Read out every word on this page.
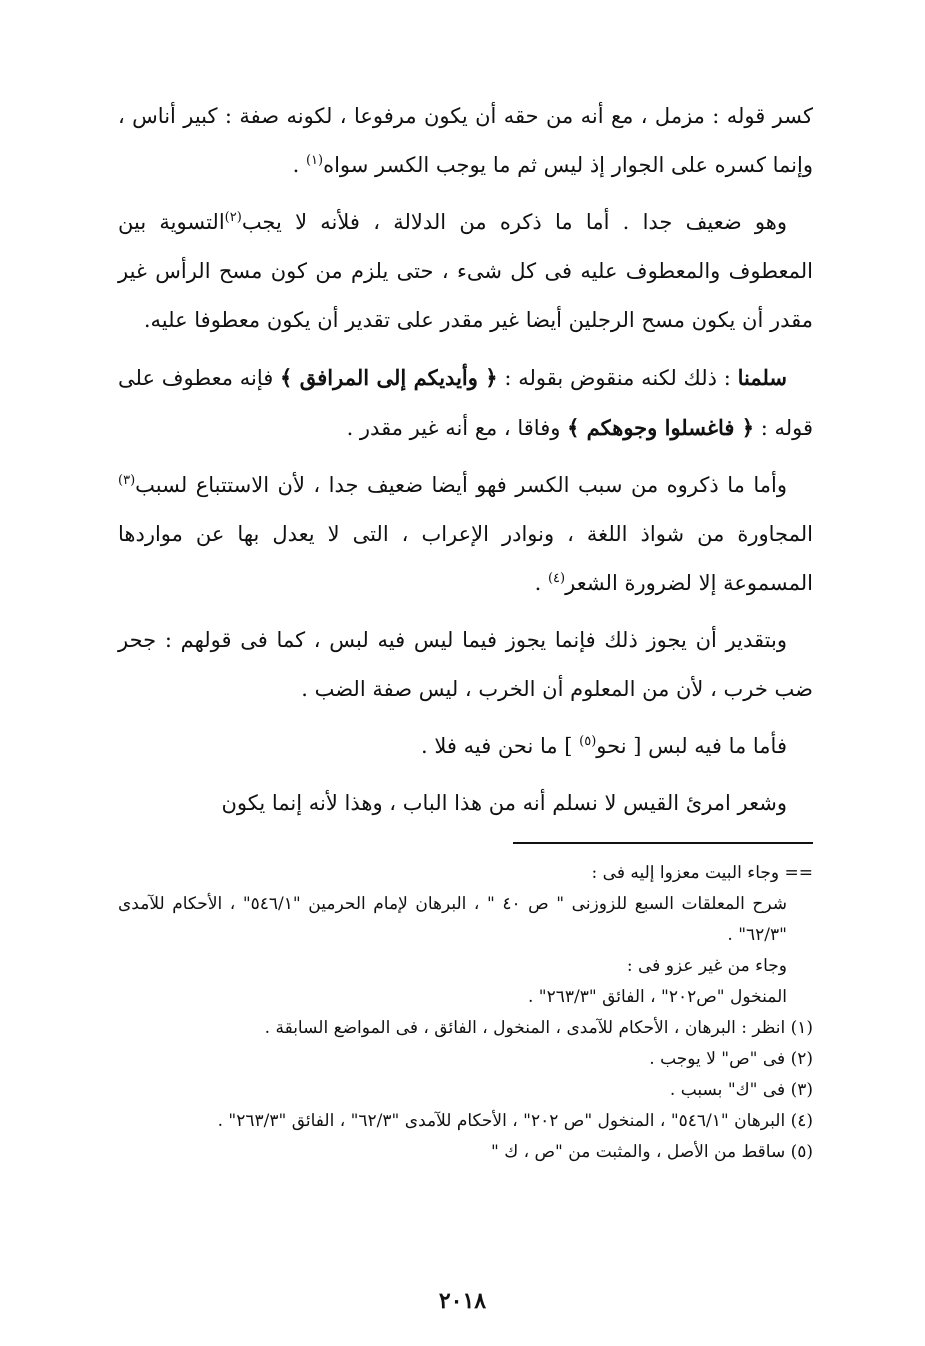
كسر قوله : مزمل ، مع أنه من حقه أن يكون مرفوعا ، لكونه صفة : كبير أناس ، وإنما كسره على الجوار إذ ليس ثم ما يوجب الكسر سواه$^{(١)}$ .

وهو ضعيف جدا . أما ما ذكره من الدلالة ، فلأنه لا يجب$^{(٢)}$التسوية بين المعطوف والمعطوف عليه فى كل شىء ، حتى يلزم من كون مسح الرأس غير مقدر أن يكون مسح الرجلين أيضا غير مقدر على تقدير أن يكون معطوفا عليه.

سلمنا : ذلك لكنه منقوض بقوله : ﴿ وأيديكم إلى المرافق ﴾ فإنه معطوف على قوله : ﴿ فاغسلوا وجوهكم ﴾ وفاقا ، مع أنه غير مقدر .

وأما ما ذكروه من سبب الكسر فهو أيضا ضعيف جدا ، لأن الاستتباع لسبب$^{(٣)}$ المجاورة من شواذ اللغة ، ونوادر الإعراب ، التى لا يعدل بها عن مواردها المسموعة إلا لضرورة الشعر$^{(٤)}$ .

وبتقدير أن يجوز ذلك فإنما يجوز فيما ليس فيه لبس ، كما فى قولهم : جحر ضب خرب ، لأن من المعلوم أن الخرب ، ليس صفة الضب .

فأما ما فيه لبس [ نحو$^{(٥)}$ ] ما نحن فيه فلا .

وشعر امرئ القيس لا نسلم أنه من هذا الباب ، وهذا لأنه إنما يكون

== وجاء البيت معزوا إليه فى :

شرح المعلقات السبع للزوزنى " ص ٤٠ " ، البرهان لإمام الحرمين "٥٤٦/١" ، الأحكام للآمدى "٦٢/٣" .

وجاء من غير عزو فى :

المنخول "ص٢٠٢" ، الفائق "٢٦٣/٣" .

(١) انظر : البرهان ، الأحكام للآمدى ، المنخول ، الفائق ، فى المواضع السابقة .

(٢) فى "ص" لا يوجب .

(٣) فى "ك" بسبب .

(٤) البرهان "٥٤٦/١" ، المنخول "ص ٢٠٢" ، الأحكام للآمدى "٦٢/٣" ، الفائق "٢٦٣/٣" .

(٥) ساقط من الأصل ، والمثبت من "ص ، ك "

٢٠١٨
